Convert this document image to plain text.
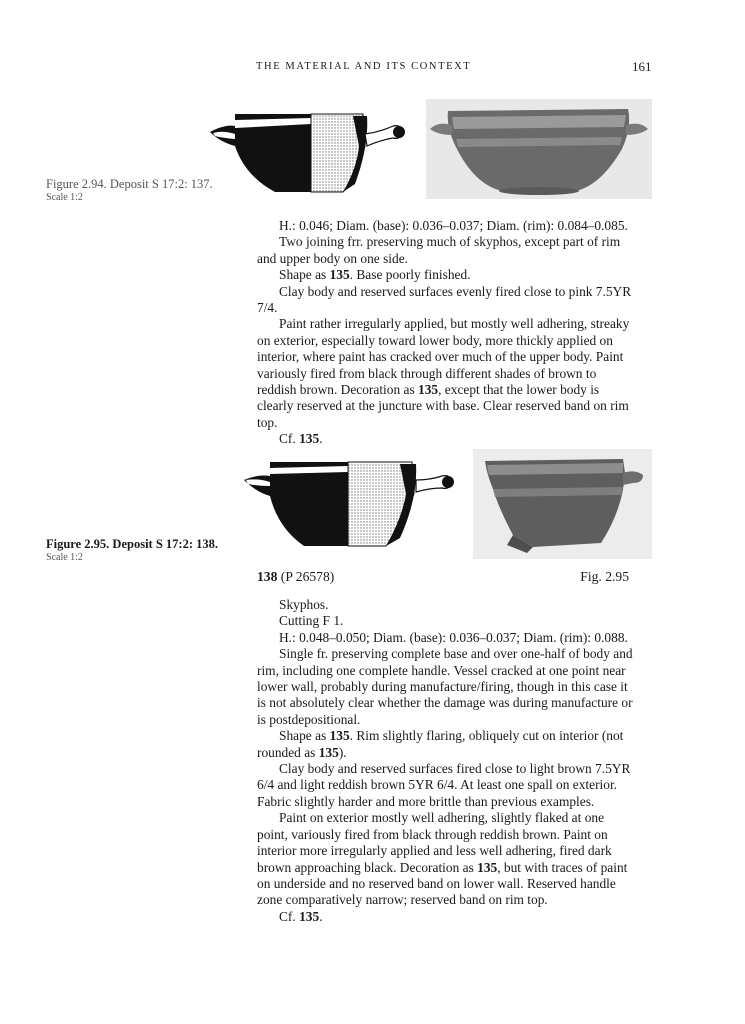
THE MATERIAL AND ITS CONTEXT	161
Figure 2.94. Deposit S 17:2: 137.
Scale 1:2

H.: 0.046; Diam. (base): 0.036–0.037; Diam. (rim): 0.084–0.085.

Two joining frr. preserving much of skyphos, except part of rim and upper body on one side.

Shape as 135. Base poorly finished.

Clay body and reserved surfaces evenly fired close to pink 7.5YR 7/4.

Paint rather irregularly applied, but mostly well adhering, streaky on exterior, especially toward lower body, more thickly applied on interior, where paint has cracked over much of the upper body. Paint variously fired from black through different shades of brown to reddish brown. Decoration as 135, except that the lower body is clearly reserved at the juncture with base. Clear reserved band on rim top.

Cf. 135.

Figure 2.95. Deposit S 17:2: 138.
Scale 1:2
138 (P 26578)	Fig. 2.95

Skyphos.

Cutting F 1.

H.: 0.048–0.050; Diam. (base): 0.036–0.037; Diam. (rim): 0.088.

Single fr. preserving complete base and over one-half of body and rim, including one complete handle. Vessel cracked at one point near lower wall, probably during manufacture/firing, though in this case it is not absolutely clear whether the damage was during manufacture or is postdepositional.

Shape as 135. Rim slightly flaring, obliquely cut on interior (not rounded as 135).

Clay body and reserved surfaces fired close to light brown 7.5YR 6/4 and light reddish brown 5YR 6/4. At least one spall on exterior. Fabric slightly harder and more brittle than previous examples.

Paint on exterior mostly well adhering, slightly flaked at one point, variously fired from black through reddish brown. Paint on interior more irregularly applied and less well adhering, fired dark brown approaching black. Decoration as 135, but with traces of paint on underside and no reserved band on lower wall. Reserved handle zone comparatively narrow; reserved band on rim top.

Cf. 135.
